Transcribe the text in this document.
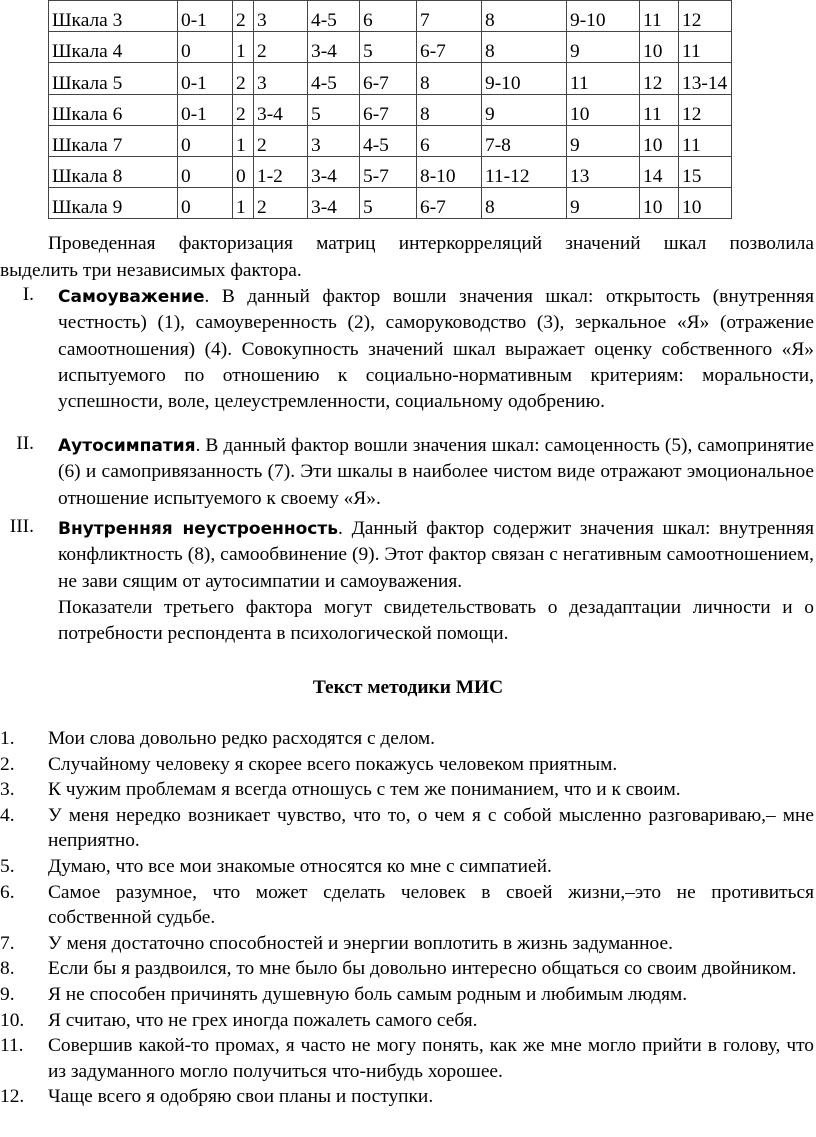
Шкала 3	0-1	2	3	4-5	6	7	8	9-10	11	12
Шкала 4	0	1	2	3-4	5	6-7	8	9	10	11
Шкала 5	0-1	2	3	4-5	6-7	8	9-10	11	12	13-14
Шкала 6	0-1	2	3-4	5	6-7	8	9	10	11	12
Шкала 7	0	1	2	3	4-5	6	7-8	9	10	11
Шкала 8	0	0	1-2	3-4	5-7	8-10	11-12	13	14	15
Шкала 9	0	1	2	3-4	5	6-7	8	9	10	10
Проведенная факторизация матриц интеркорреляций значений шкал позволила
выделить три независимых фактора.
I. Самоуважение. В данный фактор вошли значения шкал: открытость (внутренняя честность) (1), самоуверенность (2), саморуководство (3), зеркальное «Я» (отражение самоотношения) (4). Совокупность значений шкал выражает оценку собственного «Я» испытуемого по отношению к социально-нормативным критериям: моральности, успешности, воле, целеустремленности, социальному одобрению.

II. Аутосимпатия. В данный фактор вошли значения шкал: самоценность (5), самопринятие (6) и самопривязанность (7). Эти шкалы в наиболее чистом виде отражают эмоциональное отношение испытуемого к своему «Я».

III. Внутренняя неустроенность. Данный фактор содержит значения шкал: внутренняя конфликтность (8), самообвинение (9). Этот фактор связан с негативным самоотношением, не зави сящим от аутосимпатии и самоуважения.

Показатели третьего фактора могут свидетельствовать о дезадаптации личности и о потребности респондента в психологической помощи.

Текст методики МИС
1. Мои слова довольно редко расходятся с делом.
2. Случайному человеку я скорее всего покажусь человеком приятным.
3. К чужим проблемам я всегда отношусь с тем же пониманием, что и к своим.
4. У меня нередко возникает чувство, что то, о чем я с собой мысленно разговариваю,– мне неприятно.
5. Думаю, что все мои знакомые относятся ко мне с симпатией.
6. Самое разумное, что может сделать человек в своей жизни,–это не противиться собственной судьбе.
7. У меня достаточно способностей и энергии воплотить в жизнь задуманное.
8. Если бы я раздвоился, то мне было бы довольно интересно общаться со своим двойником.
9. Я не способен причинять душевную боль самым родным и любимым людям.
10. Я считаю, что не грех иногда пожалеть самого себя.
11. Совершив какой-то промах, я часто не могу понять, как же мне могло прийти в голову, что из задуманного могло получиться что-нибудь хорошее.
12. Чаще всего я одобряю свои планы и поступки.
